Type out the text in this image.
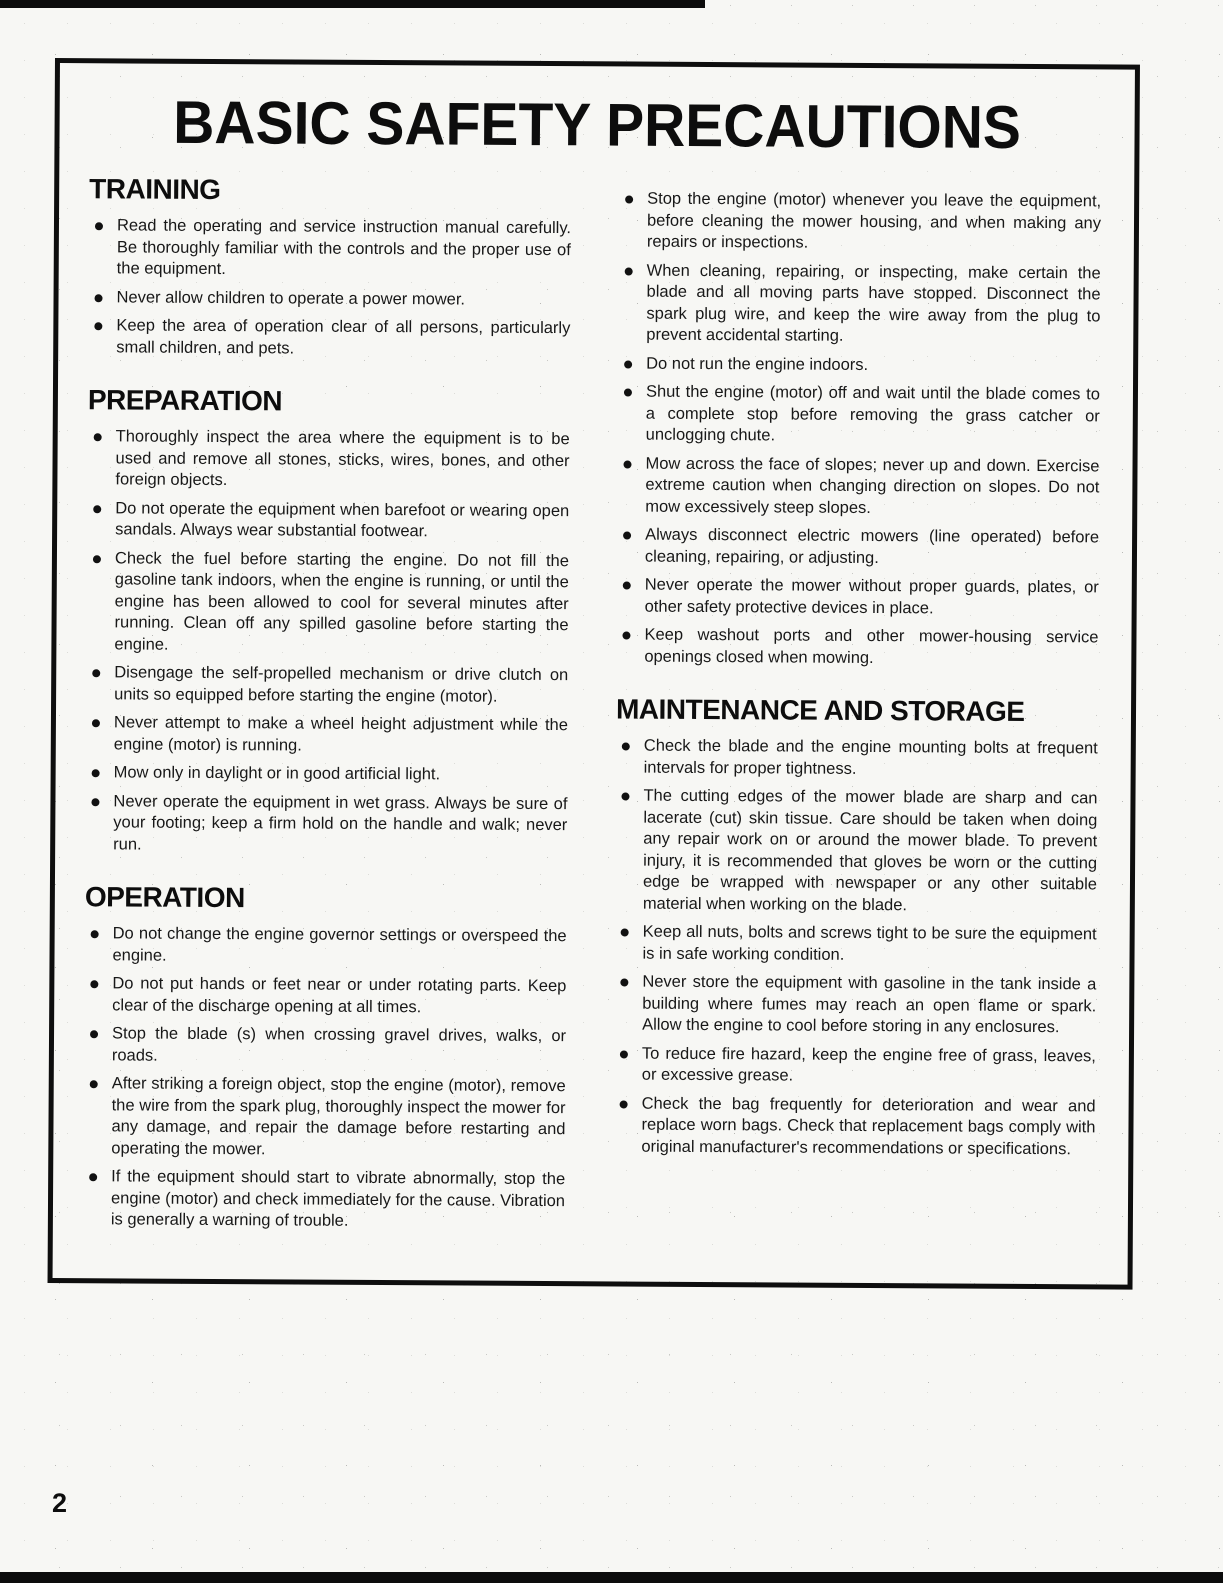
BASIC SAFETY PRECAUTIONS
TRAINING
Read the operating and service instruction manual carefully. Be thoroughly familiar with the controls and the proper use of the equipment.
Never allow children to operate a power mower.
Keep the area of operation clear of all persons, particularly small children, and pets.
PREPARATION
Thoroughly inspect the area where the equipment is to be used and remove all stones, sticks, wires, bones, and other foreign objects.
Do not operate the equipment when barefoot or wearing open sandals. Always wear substantial footwear.
Check the fuel before starting the engine. Do not fill the gasoline tank indoors, when the engine is running, or until the engine has been allowed to cool for several minutes after running. Clean off any spilled gasoline before starting the engine.
Disengage the self-propelled mechanism or drive clutch on units so equipped before starting the engine (motor).
Never attempt to make a wheel height adjustment while the engine (motor) is running.
Mow only in daylight or in good artificial light.
Never operate the equipment in wet grass. Always be sure of your footing; keep a firm hold on the handle and walk; never run.
OPERATION
Do not change the engine governor settings or overspeed the engine.
Do not put hands or feet near or under rotating parts. Keep clear of the discharge opening at all times.
Stop the blade (s) when crossing gravel drives, walks, or roads.
After striking a foreign object, stop the engine (motor), remove the wire from the spark plug, thoroughly inspect the mower for any damage, and repair the damage before restarting and operating the mower.
If the equipment should start to vibrate abnormally, stop the engine (motor) and check immediately for the cause. Vibration is generally a warning of trouble.
Stop the engine (motor) whenever you leave the equipment, before cleaning the mower housing, and when making any repairs or inspections.
When cleaning, repairing, or inspecting, make certain the blade and all moving parts have stopped. Disconnect the spark plug wire, and keep the wire away from the plug to prevent accidental starting.
Do not run the engine indoors.
Shut the engine (motor) off and wait until the blade comes to a complete stop before removing the grass catcher or unclogging chute.
Mow across the face of slopes; never up and down. Exercise extreme caution when changing direction on slopes. Do not mow excessively steep slopes.
Always disconnect electric mowers (line operated) before cleaning, repairing, or adjusting.
Never operate the mower without proper guards, plates, or other safety protective devices in place.
Keep washout ports and other mower-housing service openings closed when mowing.
MAINTENANCE AND STORAGE
Check the blade and the engine mounting bolts at frequent intervals for proper tightness.
The cutting edges of the mower blade are sharp and can lacerate (cut) skin tissue. Care should be taken when doing any repair work on or around the mower blade. To prevent injury, it is recommended that gloves be worn or the cutting edge be wrapped with newspaper or any other suitable material when working on the blade.
Keep all nuts, bolts and screws tight to be sure the equipment is in safe working condition.
Never store the equipment with gasoline in the tank inside a building where fumes may reach an open flame or spark. Allow the engine to cool before storing in any enclosures.
To reduce fire hazard, keep the engine free of grass, leaves, or excessive grease.
Check the bag frequently for deterioration and wear and replace worn bags. Check that replacement bags comply with original manufacturer's recommendations or specifications.
2
